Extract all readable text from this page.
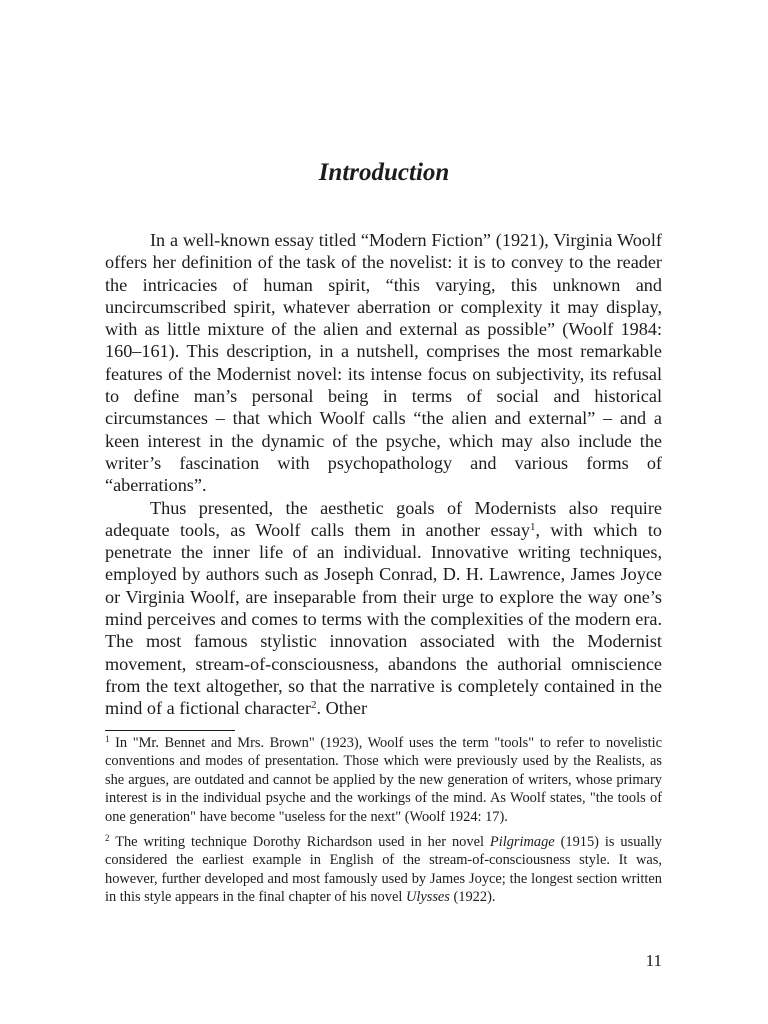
Introduction

In a well-known essay titled “Modern Fiction” (1921), Virginia Woolf offers her definition of the task of the novelist: it is to convey to the reader the intricacies of human spirit, “this varying, this unknown and uncircumscribed spirit, whatever aberration or complexity it may display, with as little mixture of the alien and external as possible” (Woolf 1984: 160–161). This description, in a nutshell, comprises the most remarkable features of the Modernist novel: its intense focus on subjectivity, its refusal to define man’s personal being in terms of social and historical circumstances – that which Woolf calls “the alien and external” – and a keen interest in the dynamic of the psyche, which may also include the writer’s fascination with psychopathology and various forms of “aberrations”.

Thus presented, the aesthetic goals of Modernists also require adequate tools, as Woolf calls them in another essay$^1$, with which to penetrate the inner life of an individual. Innovative writing techniques, employed by authors such as Joseph Conrad, D. H. Lawrence, James Joyce or Virginia Woolf, are inseparable from their urge to explore the way one’s mind perceives and comes to terms with the complexities of the modern era. The most famous stylistic innovation associated with the Modernist movement, stream-of-consciousness, abandons the authorial omniscience from the text altogether, so that the narrative is completely contained in the mind of a fictional character$^2$. Other

$^1$ In "Mr. Bennet and Mrs. Brown" (1923), Woolf uses the term "tools" to refer to novelistic conventions and modes of presentation. Those which were previously used by the Realists, as she argues, are outdated and cannot be applied by the new generation of writers, whose primary interest is in the individual psyche and the workings of the mind. As Woolf states, "the tools of one generation" have become "useless for the next" (Woolf 1924: 17).

$^2$ The writing technique Dorothy Richardson used in her novel Pilgrimage (1915) is usually considered the earliest example in English of the stream-of-consciousness style. It was, however, further developed and most famously used by James Joyce; the longest section written in this style appears in the final chapter of his novel Ulysses (1922).

11
